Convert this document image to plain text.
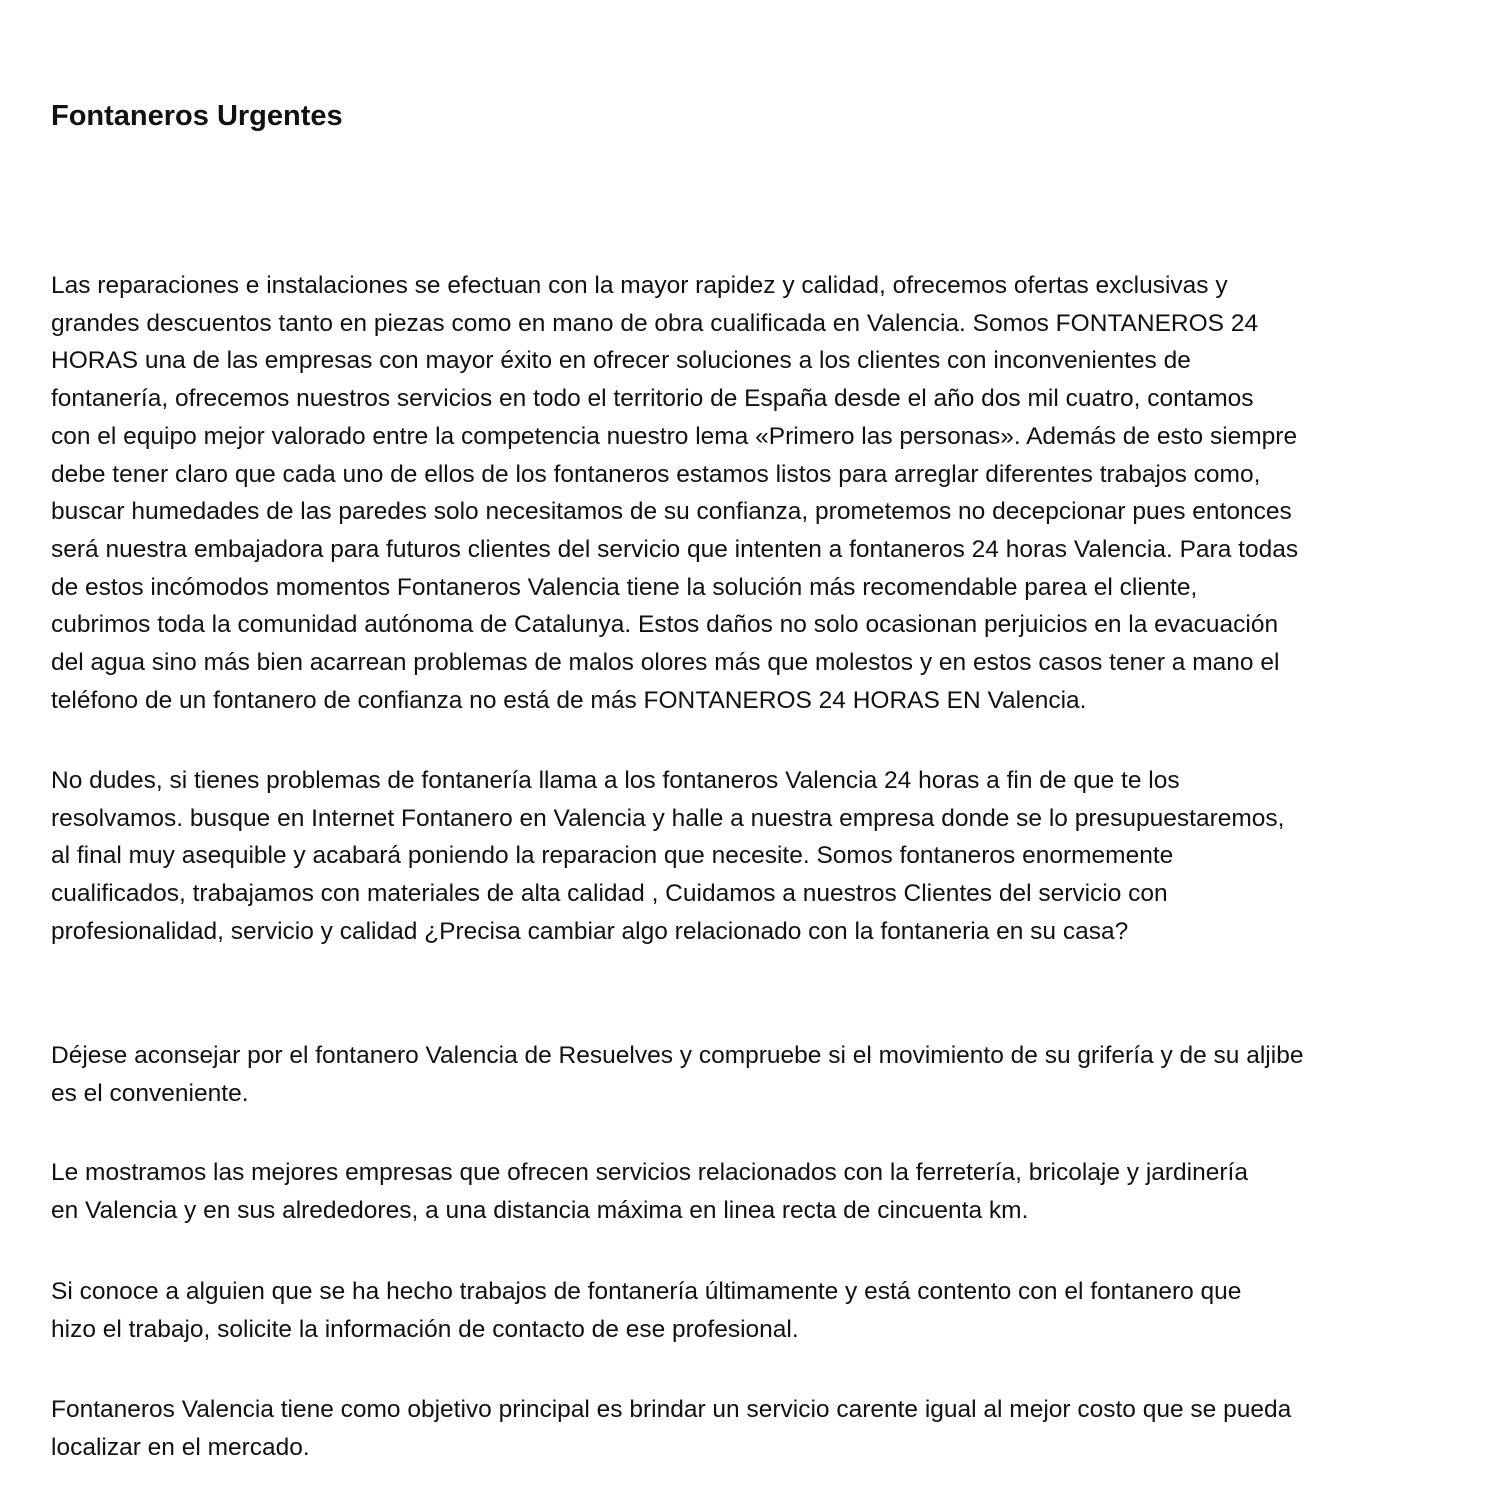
Fontaneros Urgentes
Las reparaciones e instalaciones se efectuan con la mayor rapidez y calidad, ofrecemos ofertas exclusivas y
grandes descuentos tanto en piezas como en mano de obra cualificada en Valencia. Somos FONTANEROS 24
HORAS una de las empresas con mayor éxito en ofrecer soluciones a los clientes con inconvenientes de
fontanería, ofrecemos nuestros servicios en todo el territorio de España desde el año dos mil cuatro, contamos
con el equipo mejor valorado entre la competencia nuestro lema «Primero las personas». Además de esto siempre
debe tener claro que cada uno de ellos de los fontaneros estamos listos para arreglar diferentes trabajos como,
buscar humedades de las paredes solo necesitamos de su confianza, prometemos no decepcionar pues entonces
será nuestra embajadora para futuros clientes del servicio que intenten a fontaneros 24 horas Valencia. Para todas
de estos incómodos momentos Fontaneros Valencia tiene la solución más recomendable parea el cliente,
cubrimos toda la comunidad autónoma de Catalunya. Estos daños no solo ocasionan perjuicios en la evacuación
del agua sino más bien acarrean problemas de malos olores más que molestos y en estos casos tener a mano el
teléfono de un fontanero de confianza no está de más FONTANEROS 24 HORAS EN Valencia.
No dudes, si tienes problemas de fontanería llama a los fontaneros Valencia 24 horas a fin de que te los
resolvamos. busque en Internet Fontanero en Valencia y halle a nuestra empresa donde se lo presupuestaremos,
al final muy asequible y acabará poniendo la reparacion que necesite. Somos fontaneros enormemente
cualificados, trabajamos con materiales de alta calidad , Cuidamos a nuestros Clientes del servicio con
profesionalidad, servicio y calidad ¿Precisa cambiar algo relacionado con la fontaneria en su casa?
Déjese aconsejar por el fontanero Valencia de Resuelves y compruebe si el movimiento de su grifería y de su aljibe
es el conveniente.
Le mostramos las mejores empresas que ofrecen servicios relacionados con la ferretería, bricolaje y jardinería
en Valencia y en sus alrededores, a una distancia máxima en linea recta de cincuenta km.
Si conoce a alguien que se ha hecho trabajos de fontanería últimamente y está contento con el fontanero que
hizo el trabajo, solicite la información de contacto de ese profesional.
Fontaneros Valencia tiene como objetivo principal es brindar un servicio carente igual al mejor costo que se pueda
localizar en el mercado.
